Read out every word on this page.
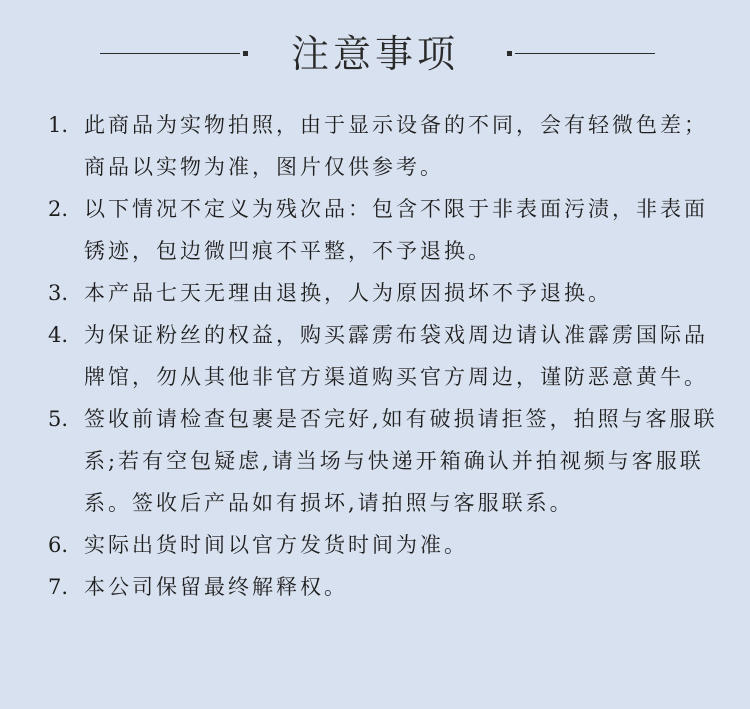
注意事项
1. 此商品为实物拍照，由于显示设备的不同，会有轻微色差；商品以实物为准，图片仅供参考。
2. 以下情况不定义为残次品：包含不限于非表面污渍，非表面锈迹，包边微凹痕不平整，不予退换。
3. 本产品七天无理由退换，人为原因损坏不予退换。
4. 为保证粉丝的权益，购买霹雳布袋戏周边请认准霹雳国际品牌馆，勿从其他非官方渠道购买官方周边，谨防恶意黄牛。
5. 签收前请检查包裹是否完好,如有破损请拒签，拍照与客服联系;若有空包疑虑,请当场与快递开箱确认并拍视频与客服联系。签收后产品如有损坏,请拍照与客服联系。
6. 实际出货时间以官方发货时间为准。
7. 本公司保留最终解释权。
